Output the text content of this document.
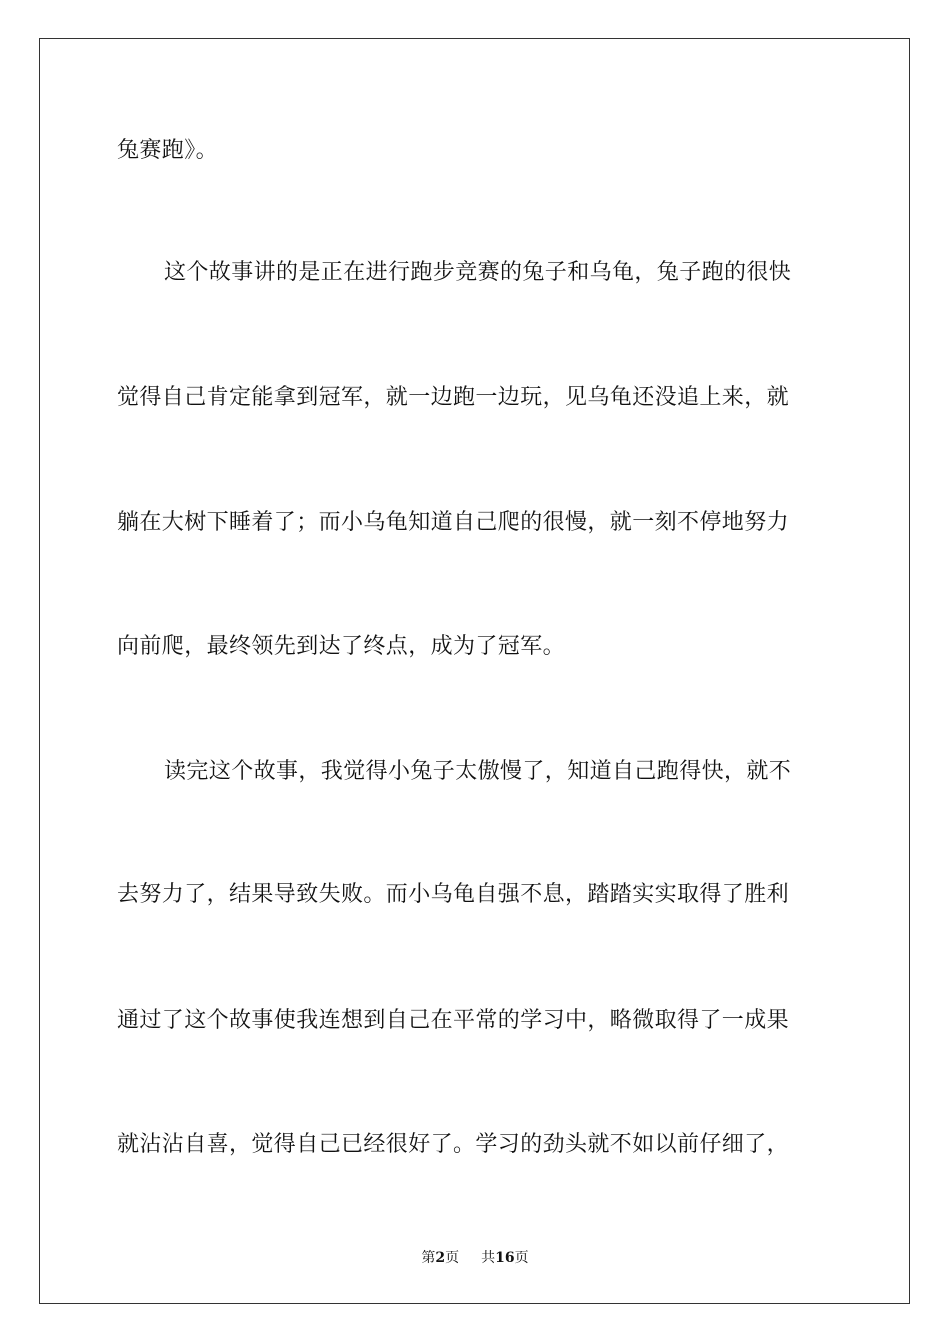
兔赛跑》。
这个故事讲的是正在进行跑步竞赛的兔子和乌龟，兔子跑的很快
觉得自己肯定能拿到冠军，就一边跑一边玩，见乌龟还没追上来，就
躺在大树下睡着了；而小乌龟知道自己爬的很慢，就一刻不停地努力
向前爬，最终领先到达了终点，成为了冠军。
读完这个故事，我觉得小兔子太傲慢了，知道自己跑得快，就不
去努力了，结果导致失败。而小乌龟自强不息，踏踏实实取得了胜利
通过了这个故事使我连想到自己在平常的学习中，略微取得了一成果
就沾沾自喜，觉得自己已经很好了。学习的劲头就不如以前仔细了，
第2页 共16页
